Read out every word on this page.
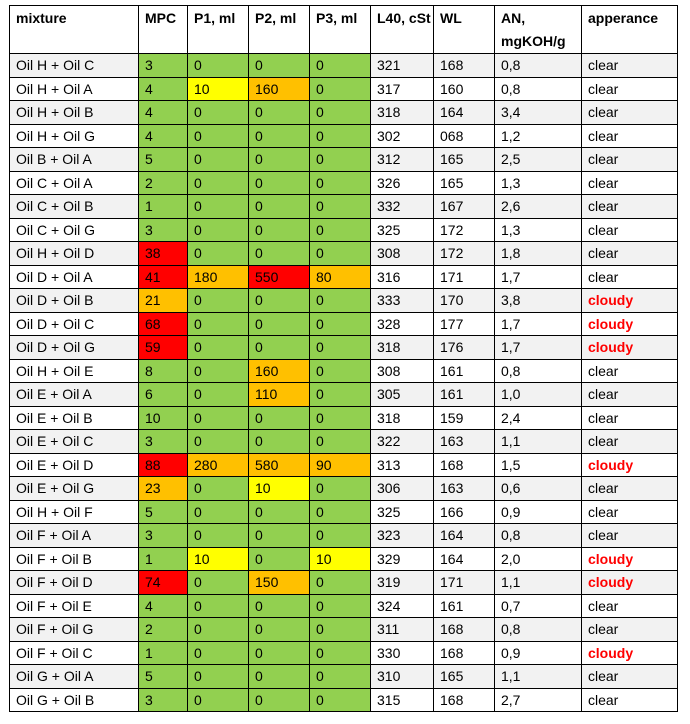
mixture	MPC	P1, ml	P2, ml	P3, ml	L40, cSt	WL	AN, mgKOH/g	apperance
Oil H + Oil C	3	0	0	0	321	168	0,8	clear
Oil H + Oil A	4	10	160	0	317	160	0,8	clear
Oil H + Oil B	4	0	0	0	318	164	3,4	clear
Oil H + Oil G	4	0	0	0	302	068	1,2	clear
Oil B + Oil A	5	0	0	0	312	165	2,5	clear
Oil C + Oil A	2	0	0	0	326	165	1,3	clear
Oil C + Oil B	1	0	0	0	332	167	2,6	clear
Oil C + Oil G	3	0	0	0	325	172	1,3	clear
Oil H + Oil D	38	0	0	0	308	172	1,8	clear
Oil D + Oil A	41	180	550	80	316	171	1,7	clear
Oil D + Oil B	21	0	0	0	333	170	3,8	cloudy
Oil D + Oil C	68	0	0	0	328	177	1,7	cloudy
Oil D + Oil G	59	0	0	0	318	176	1,7	cloudy
Oil H + Oil E	8	0	160	0	308	161	0,8	clear
Oil E + Oil A	6	0	110	0	305	161	1,0	clear
Oil E + Oil B	10	0	0	0	318	159	2,4	clear
Oil E + Oil C	3	0	0	0	322	163	1,1	clear
Oil E + Oil D	88	280	580	90	313	168	1,5	cloudy
Oil E + Oil G	23	0	10	0	306	163	0,6	clear
Oil H + Oil F	5	0	0	0	325	166	0,9	clear
Oil F + Oil A	3	0	0	0	323	164	0,8	clear
Oil F + Oil B	1	10	0	10	329	164	2,0	cloudy
Oil F + Oil D	74	0	150	0	319	171	1,1	cloudy
Oil F + Oil E	4	0	0	0	324	161	0,7	clear
Oil F + Oil G	2	0	0	0	311	168	0,8	clear
Oil F + Oil C	1	0	0	0	330	168	0,9	cloudy
Oil G + Oil A	5	0	0	0	310	165	1,1	clear
Oil G + Oil B	3	0	0	0	315	168	2,7	clear
